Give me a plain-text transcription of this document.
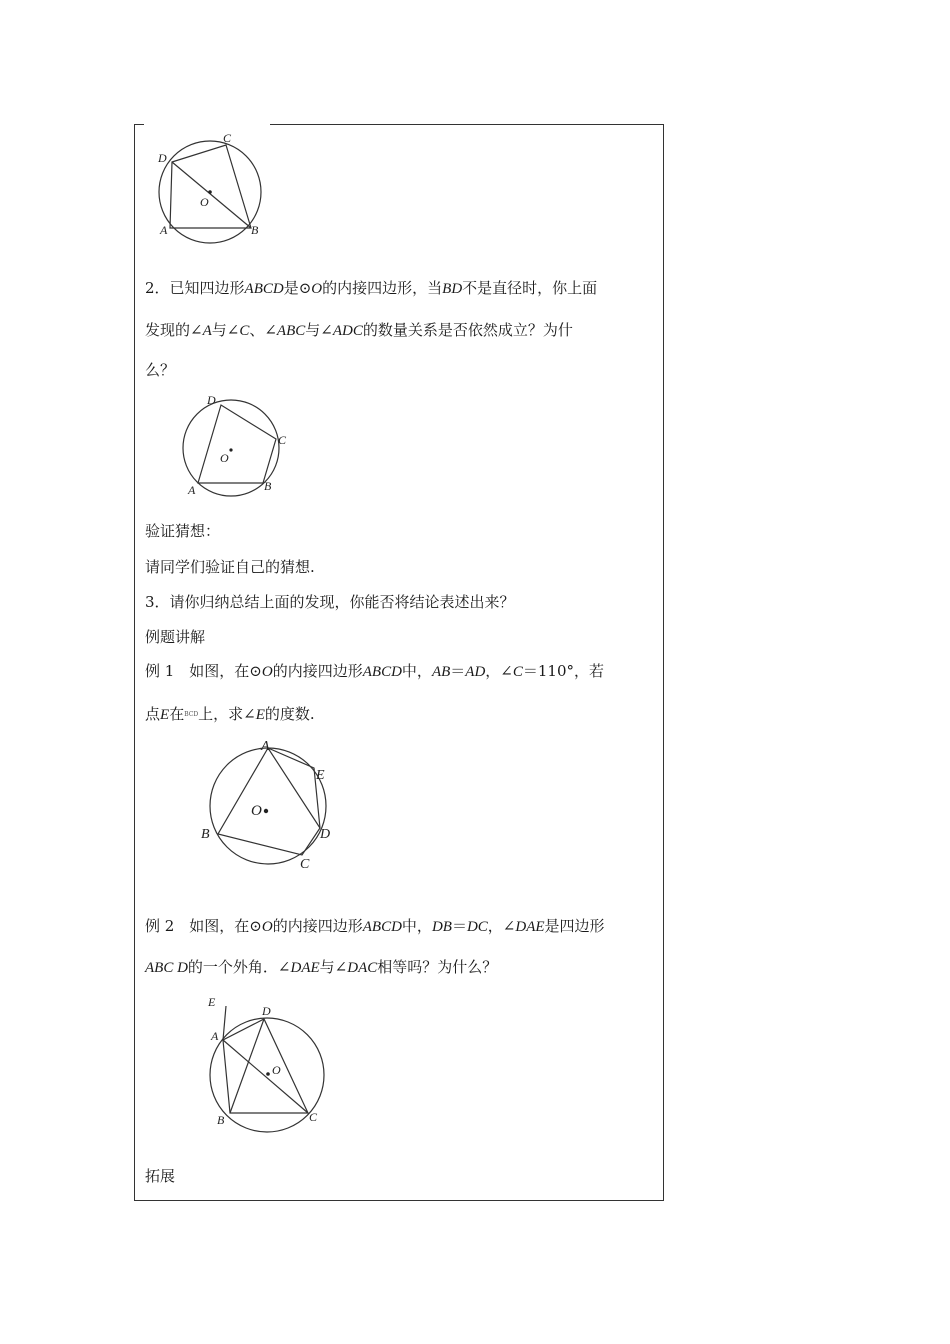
D
C
A	B
O
2．已知四边形ABCD是⊙O的内接四边形，当BD不是直径时，你上面
发现的∠A与∠C、∠ABC与∠ADC的数量关系是否依然成立？为什
么？
D
C
A	B
O
验证猜想：
请同学们验证自己的猜想.
3．请你归纳总结上面的发现，你能否将结论表述出来？
例题讲解
例 1　如图，在⊙O的内接四边形ABCD中，AB＝AD，∠C＝110°，若
点E在BCD上，求∠E的度数.
A
E
B	D
C
O
例 2　如图，在⊙O的内接四边形ABCD中，DB＝DC，∠DAE是四边形
ABC D的一个外角．∠DAE与∠DAC相等吗？为什么？
E
D
A
O
B	C
拓展
